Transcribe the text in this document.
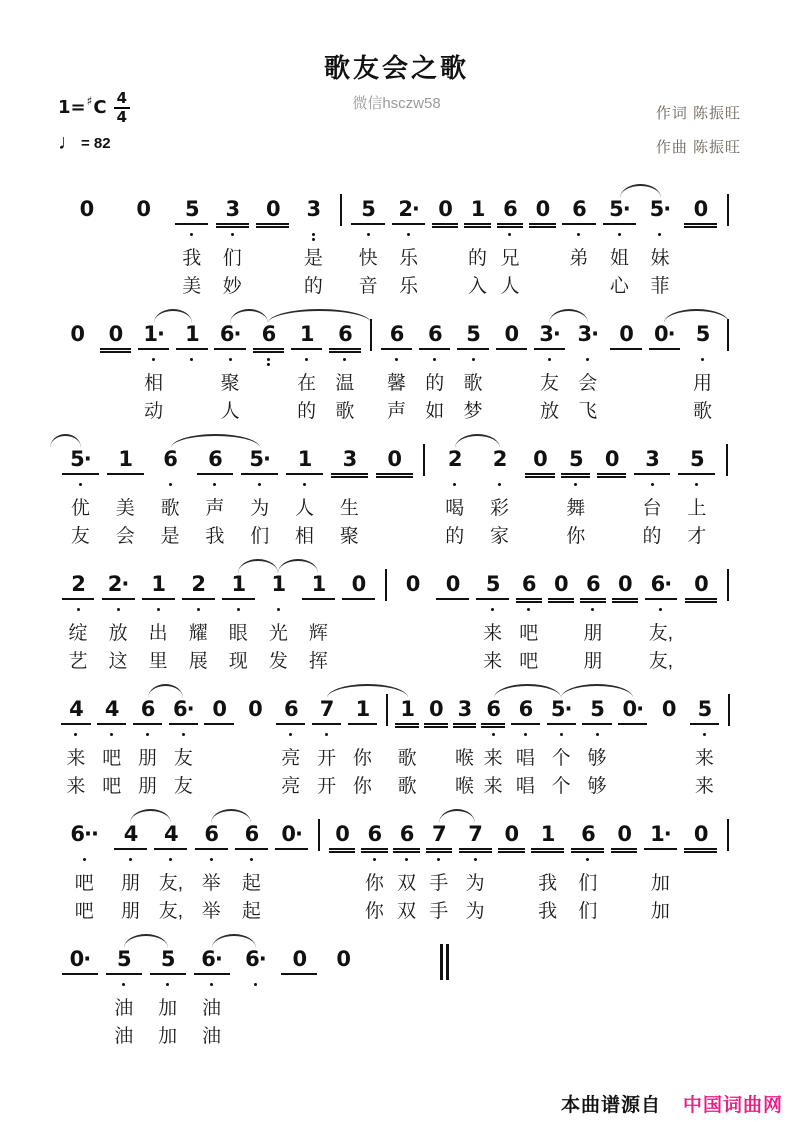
歌友会之歌
微信hsczw58
作词 陈振旺
作曲 陈振旺
1= ♯ C $\frac{4}{4}$
♩ = 82
0

0

5
我
美
3
们
妙
0

3
是
的
5
快
音
2·
乐
乐
0

1
的
入
6
兄
人
0

6
弟

5·
姐
心
5·
妹
菲
0

0

0

1·
相
动
1

6·
聚
人
6

1
在
的
6
温
歌
6
馨
声
6
的
如
5
歌
梦
0

3·
友
放
3·
会
飞
0

0·

5
用
歌
5·
优
友
1
美
会
6
歌
是
6
声
我
5·
为
们
1
人
相
3
生
聚
0

2
喝
的
2
彩
家
0

5
舞
你
0

3
台
的
5
上
才
2
绽
艺
2·
放
这
1
出
里
2
耀
展
1
眼
现
1
光
发
1
辉
挥
0

0

0

5
来
来
6
吧
吧
0

6
朋
朋
0

6·
友,
友,
0

4
来
来
4
吧
吧
6
朋
朋
6·
友
友
0

0

6
亮
亮
7
开
开
1
你
你
1
歌
歌
0

3
喉
喉
6
来
来
6
唱
唱
5·
个
个
5
够
够
0·

0

5
来
来
6··
吧
吧
4
朋
朋
4
友,
友,
6
举
举
6
起
起
0·

0

6
你
你
6
双
双
7
手
手
7
为
为
0

1
我
我
6
们
们
0

1·
加
加
0

0·

5
油
油
5
加
加
6·
油
油
6·

0

0

本曲谱源自 中国词曲网
